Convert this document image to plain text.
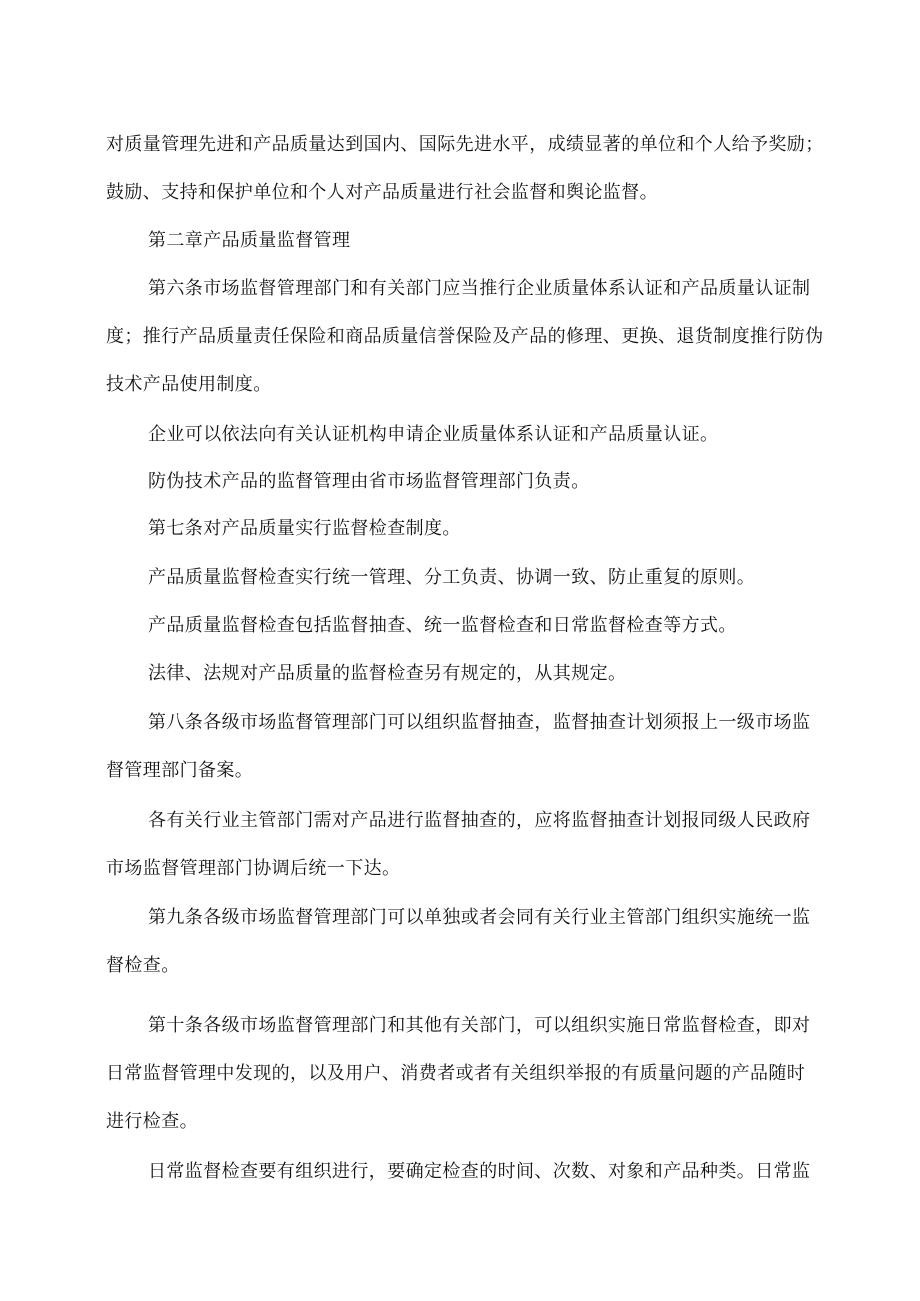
对质量管理先进和产品质量达到国内、国际先进水平，成绩显著的单位和个人给予奖励；
鼓励、支持和保护单位和个人对产品质量进行社会监督和舆论监督。
第二章产品质量监督管理
第六条市场监督管理部门和有关部门应当推行企业质量体系认证和产品质量认证制
度；推行产品质量责任保险和商品质量信誉保险及产品的修理、更换、退货制度推行防伪
技术产品使用制度。
企业可以依法向有关认证机构申请企业质量体系认证和产品质量认证。
防伪技术产品的监督管理由省市场监督管理部门负责。
第七条对产品质量实行监督检查制度。
产品质量监督检查实行统一管理、分工负责、协调一致、防止重复的原则。
产品质量监督检查包括监督抽查、统一监督检查和日常监督检查等方式。
法律、法规对产品质量的监督检查另有规定的，从其规定。
第八条各级市场监督管理部门可以组织监督抽查，监督抽查计划须报上一级市场监
督管理部门备案。
各有关行业主管部门需对产品进行监督抽查的，应将监督抽查计划报同级人民政府
市场监督管理部门协调后统一下达。
第九条各级市场监督管理部门可以单独或者会同有关行业主管部门组织实施统一监
督检查。
第十条各级市场监督管理部门和其他有关部门，可以组织实施日常监督检查，即对
日常监督管理中发现的，以及用户、消费者或者有关组织举报的有质量问题的产品随时
进行检查。
日常监督检查要有组织进行，要确定检查的时间、次数、对象和产品种类。日常监
